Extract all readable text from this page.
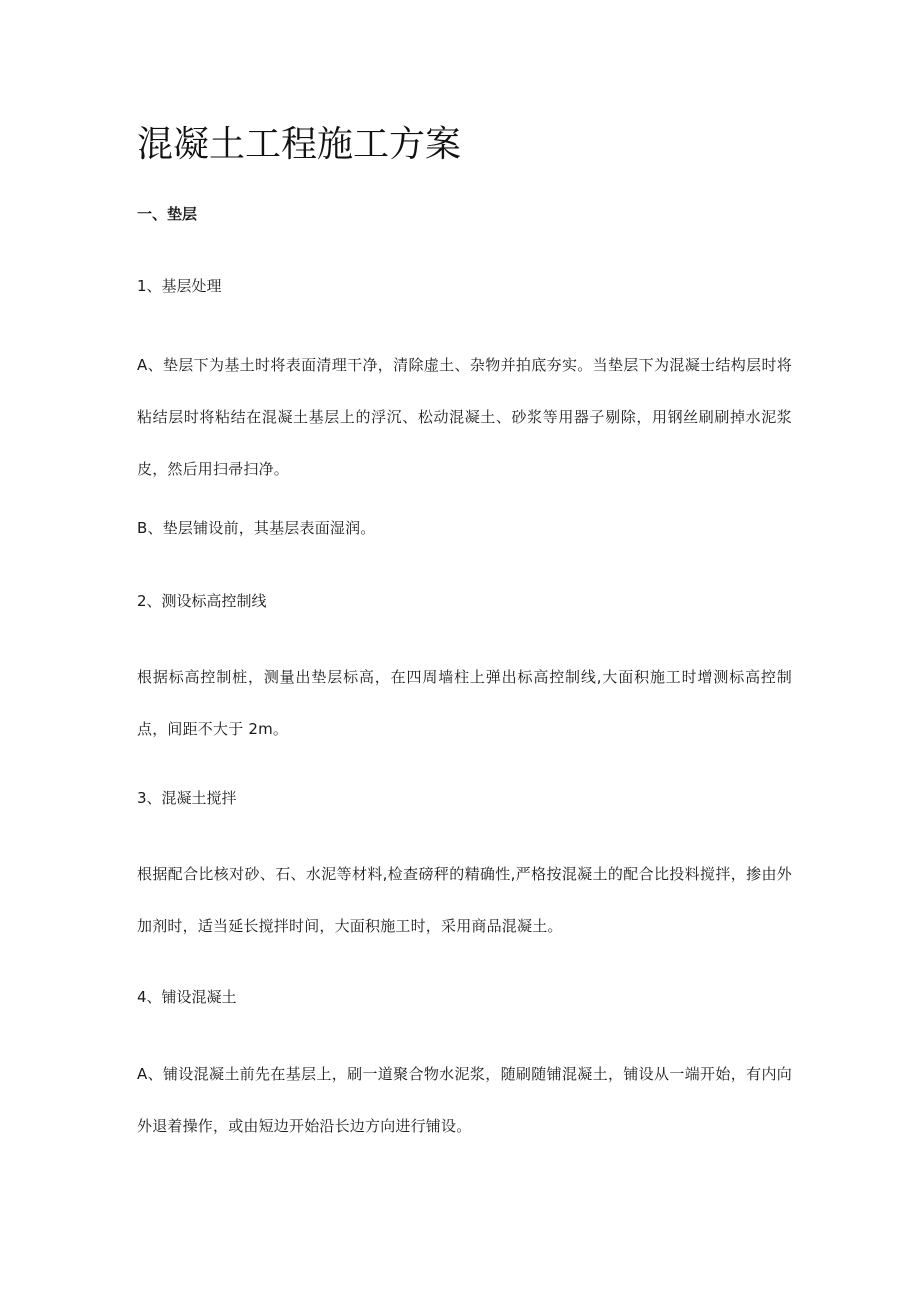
混凝土工程施工方案

一、垫层

1、基层处理

A、垫层下为基土时将表面清理干净，清除虚土、杂物并拍底夯实。当垫层下为混凝士结构层时将粘结层时将粘结在混凝土基层上的浮沉、松动混凝土、砂浆等用器子剔除，用钢丝刷刷掉水泥浆皮，然后用扫帚扫净。

B、垫层铺设前，其基层表面湿润。

2、测设标高控制线

根据标高控制桩，测量出垫层标高，在四周墙柱上弹出标高控制线,大面积施工时增测标高控制点，间距不大于 2m。

3、混凝土搅拌

根据配合比核对砂、石、水泥等材料,检查磅秤的精确性,严格按混凝土的配合比投料搅拌，掺由外加剂时，适当延长搅拌时间，大面积施工时，采用商品混凝土。

4、铺设混凝土

A、铺设混凝土前先在基层上，刷一道聚合物水泥浆，随刷随铺混凝土，铺设从一端开始，有内向外退着操作，或由短边开始沿长边方向进行铺设。
